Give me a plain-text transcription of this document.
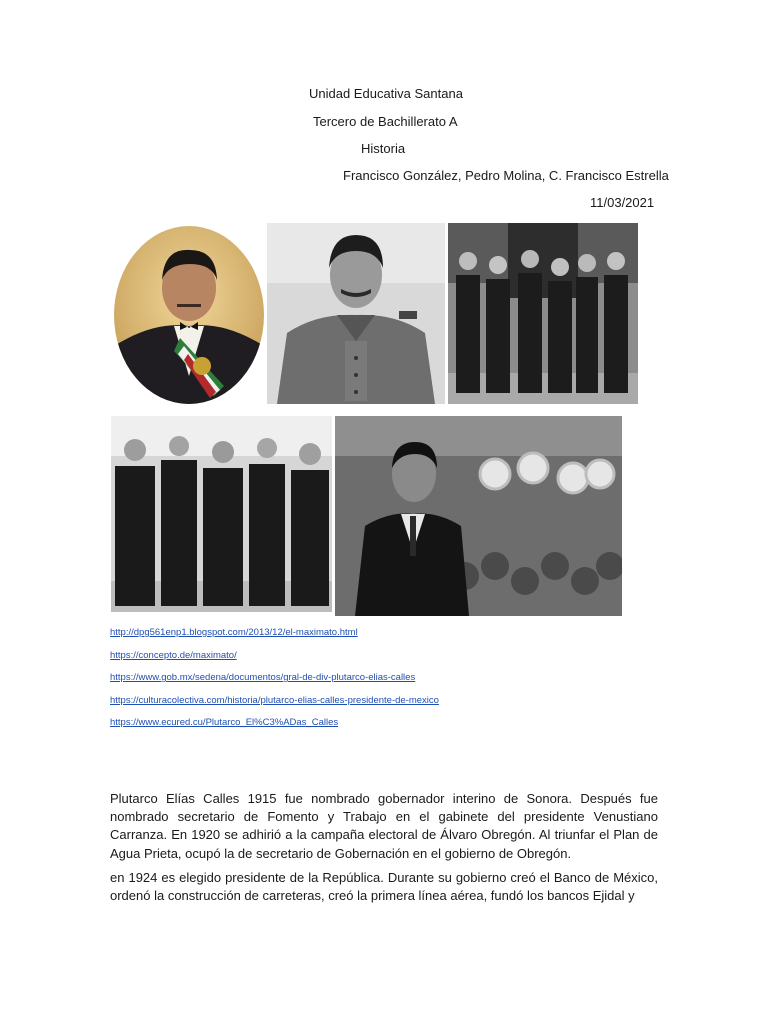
Unidad Educativa Santana
Tercero de Bachillerato A
Historia
Francisco González, Pedro Molina, C. Francisco Estrella
11/03/2021
http://dpg561enp1.blogspot.com/2013/12/el-maximato.html
https://concepto.de/maximato/
https://www.gob.mx/sedena/documentos/gral-de-div-plutarco-elias-calles
https://culturacolectiva.com/historia/plutarco-elias-calles-presidente-de-mexico
https://www.ecured.cu/Plutarco_El%C3%ADas_Calles

Plutarco Elías Calles 1915 fue nombrado gobernador interino de Sonora. Después fue nombrado secretario de Fomento y Trabajo en el gabinete del presidente Venustiano Carranza. En 1920 se adhirió a la campaña electoral de Álvaro Obregón. Al triunfar el Plan de Agua Prieta, ocupó la de secretario de Gobernación en el gobierno de Obregón.

en 1924 es elegido presidente de la República. Durante su gobierno creó el Banco de México, ordenó la construcción de carreteras, creó la primera línea aérea, fundó los bancos Ejidal y
